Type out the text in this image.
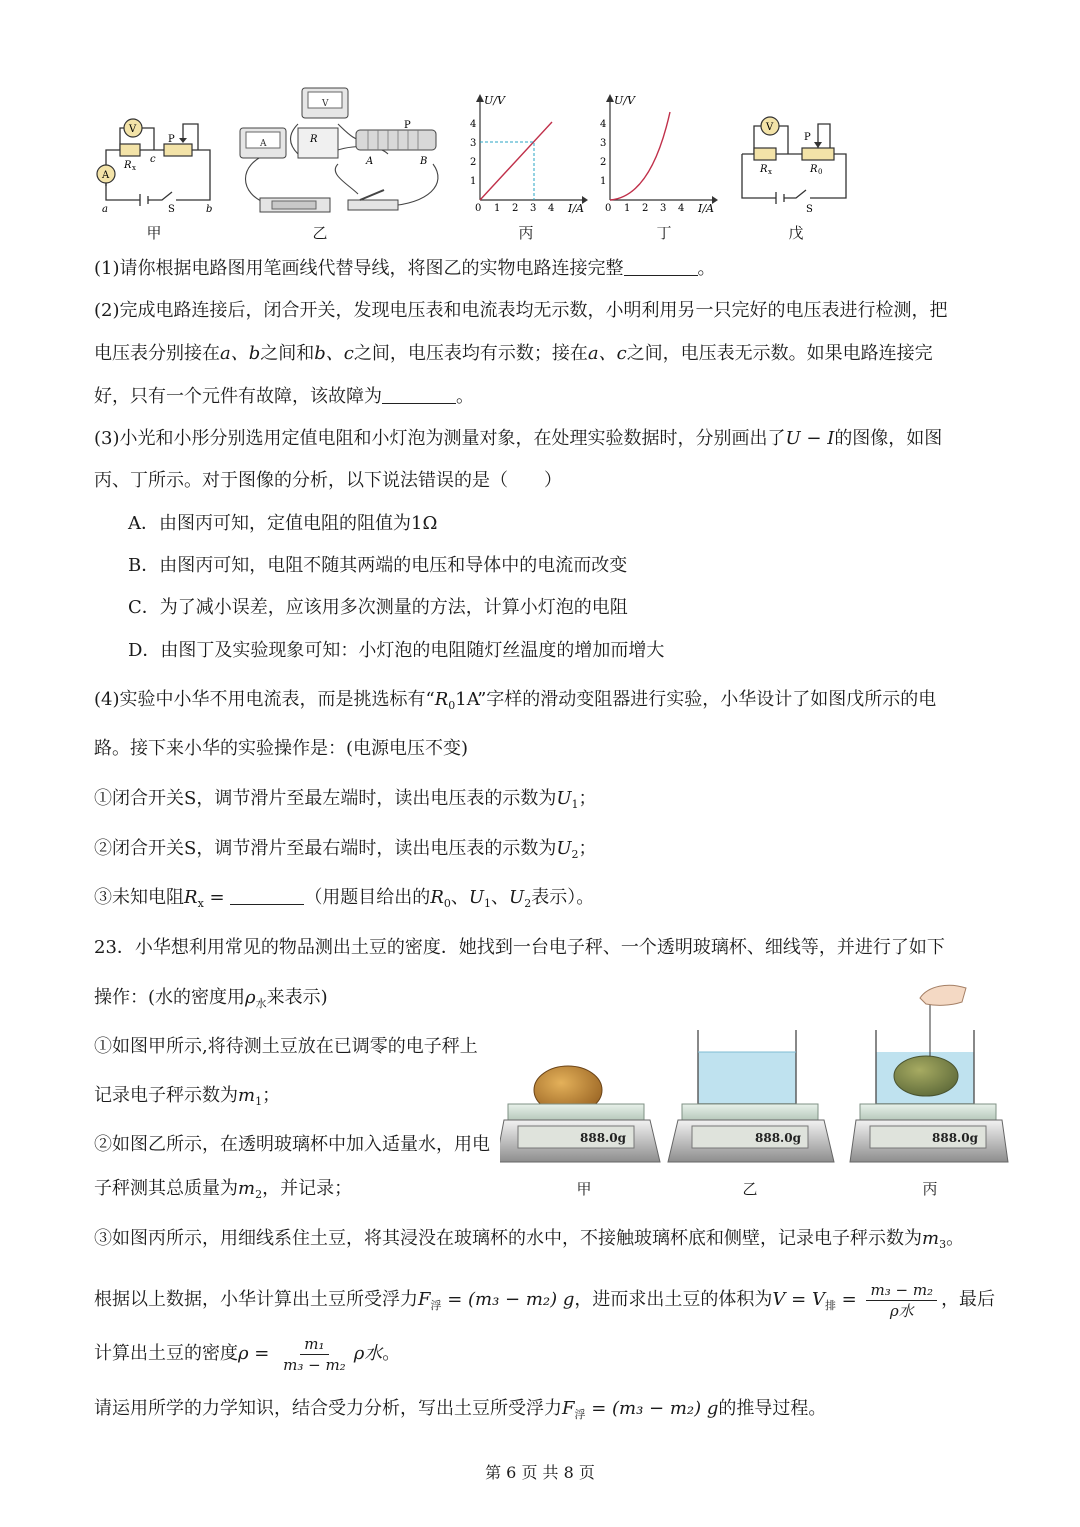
V
A
R x
P
c
a	b
S
A
V
R
P
A	B
U/V
I/A
0 1 2 3 4
1
2
3
4
U/V
I/A
0 1 2 3 4
1
2
3
4	V
P
R x	R 0
S
甲	乙	丙	丁	戊
(1)请你根据电路图用笔画线代替导线，将图乙的实物电路连接完整	。
(2)完成电路连接后，闭合开关，发现电压表和电流表均无示数，小明利用另一只完好的电压表进行检测，把
电压表分别接在a、b之间和b、c之间，电压表均有示数；接在a、c之间，电压表无示数。如果电路连接完
好，只有一个元件有故障，该故障为	。
(3)小光和小彤分别选用定值电阻和小灯泡为测量对象，在处理实验数据时，分别画出了U − I的图像，如图
丙、丁所示。对于图像的分析，以下说法错误的是（　　）
A．由图丙可知，定值电阻的阻值为1Ω
B．由图丙可知，电阻不随其两端的电压和导体中的电流而改变
C．为了减小误差，应该用多次测量的方法，计算小灯泡的电阻
D．由图丁及实验现象可知：小灯泡的电阻随灯丝温度的增加而增大
(4)实验中小华不用电流表，而是挑选标有“$R_01A$”字样的滑动变阻器进行实验，小华设计了如图戊所示的电
路。接下来小华的实验操作是：(电源电压不变)
①闭合开关S，调节滑片至最左端时，读出电压表的示数为$U_1$；
②闭合开关S，调节滑片至最右端时，读出电压表的示数为$U_2$；
③未知电阻$R_x$ =	（用题目给出的$R_0$、$U_1$、$U_2$表示）。
23．小华想利用常见的物品测出土豆的密度．她找到一台电子秤、一个透明玻璃杯、细线等，并进行了如下
操作：(水的密度用$\rho_水$来表示)
①如图甲所示,将待测土豆放在已调零的电子秤上
记录电子秤示数为$m_1$；
②如图乙所示，在透明玻璃杯中加入适量水，用电
子秤测其总质量为$m_2$，并记录；
888.0g	888.0g	888.0g
甲	乙	丙
③如图丙所示，用细线系住土豆，将其浸没在玻璃杯的水中，不接触玻璃杯底和侧壁，记录电子秤示数为$m_3$。
根据以上数据，小华计算出土豆所受浮力$F_浮 = (m_3 - m_2)$ g，进而求出土豆的体积为$V = V_排 = \frac{\text{m₃ − m₂}}{\text{ρ水}}$ ，最后
计算出土豆的密度$\rho = \frac{\text{m₁}}{\text{m₃ − m₂}}$ ρ水。
请运用所学的力学知识，结合受力分析，写出土豆所受浮力$F_浮 = (m_3 - m_2)$ g的推导过程。
第 6 页 共 8 页
